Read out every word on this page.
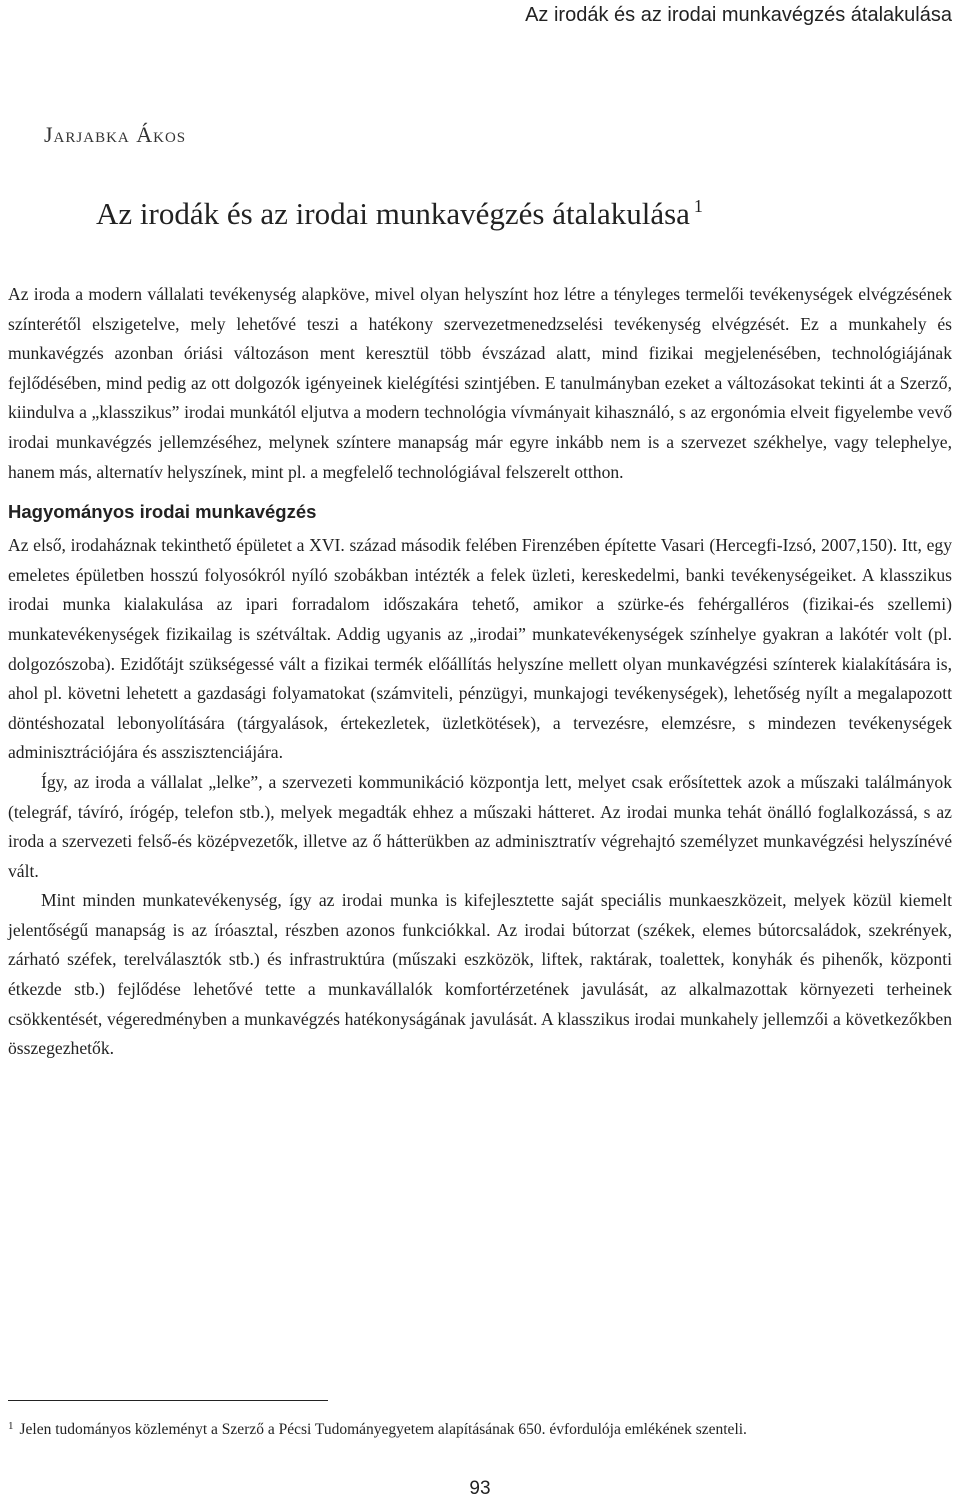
Az irodák és az irodai munkavégzés átalakulása
Jarjabka Ákos
Az irodák és az irodai munkavégzés átalakulása $^1$

Az iroda a modern vállalati tevékenység alapköve, mivel olyan helyszínt hoz létre a tényleges termelői tevékenységek elvégzésének színterétől elszigetelve, mely lehetővé teszi a hatékony szervezetmenedzselési tevékenység elvégzését. Ez a munkahely és munkavégzés azonban óriási változáson ment keresztül több évszázad alatt, mind fizikai megjelenésében, technológiájának fejlődésében, mind pedig az ott dolgozók igényeinek kielégítési szintjében. E tanulmányban ezeket a változásokat tekinti át a Szerző, kiindulva a „klasszikus” irodai munkától eljutva a modern technológia vívmányait kihasználó, s az ergonómia elveit figyelembe vevő irodai munkavégzés jellemzéséhez, melynek színtere manapság már egyre inkább nem is a szervezet székhelye, vagy telephelye, hanem más, alternatív helyszínek, mint pl. a megfelelő technológiával felszerelt otthon.

Hagyományos irodai munkavégzés

Az első, irodaháznak tekinthető épületet a XVI. század második felében Firenzében építette Vasari (Hercegfi-Izsó, 2007,150). Itt, egy emeletes épületben hosszú folyosókról nyíló szobákban intézték a felek üzleti, kereskedelmi, banki tevékenységeiket. A klasszikus irodai munka kialakulása az ipari forradalom időszakára tehető, amikor a szürke-és fehérgalléros (fizikai-és szellemi) munkatevékenységek fizikailag is szétváltak. Addig ugyanis az „irodai” munkatevékenységek színhelye gyakran a lakótér volt (pl. dolgozószoba). Ezidőtájt szükségessé vált a fizikai termék előállítás helyszíne mellett olyan munkavégzési színterek kialakítására is, ahol pl. követni lehetett a gazdasági folyamatokat (számviteli, pénzügyi, munkajogi tevékenységek), lehetőség nyílt a megalapozott döntéshozatal lebonyolítására (tárgyalások, értekezletek, üzletkötések), a tervezésre, elemzésre, s mindezen tevékenységek adminisztrációjára és asszisztenciájára.

Így, az iroda a vállalat „lelke”, a szervezeti kommunikáció központja lett, melyet csak erősítettek azok a műszaki találmányok (telegráf, távíró, írógép, telefon stb.), melyek megadták ehhez a műszaki hátteret. Az irodai munka tehát önálló foglalkozássá, s az iroda a szervezeti felső-és középvezetők, illetve az ő hátterükben az adminisztratív végrehajtó személyzet munkavégzési helyszínévé vált.

Mint minden munkatevékenység, így az irodai munka is kifejlesztette saját speciális munkaeszközeit, melyek közül kiemelt jelentőségű manapság is az íróasztal, részben azonos funkciókkal. Az irodai bútorzat (székek, elemes bútorcsaládok, szekrények, zárható széfek, terelválasztók stb.) és infrastruktúra (műszaki eszközök, liftek, raktárak, toalettek, konyhák és pihenők, központi étkezde stb.) fejlődése lehetővé tette a munkavállalók komfortérzetének javulását, az alkalmazottak környezeti terheinek csökkentését, végeredményben a munkavégzés hatékonyságának javulását. A klasszikus irodai munkahely jellemzői a következőkben összegezhetők.

$^1$ Jelen tudományos közleményt a Szerző a Pécsi Tudományegyetem alapításának 650. évfordulója emlékének szenteli.
93
